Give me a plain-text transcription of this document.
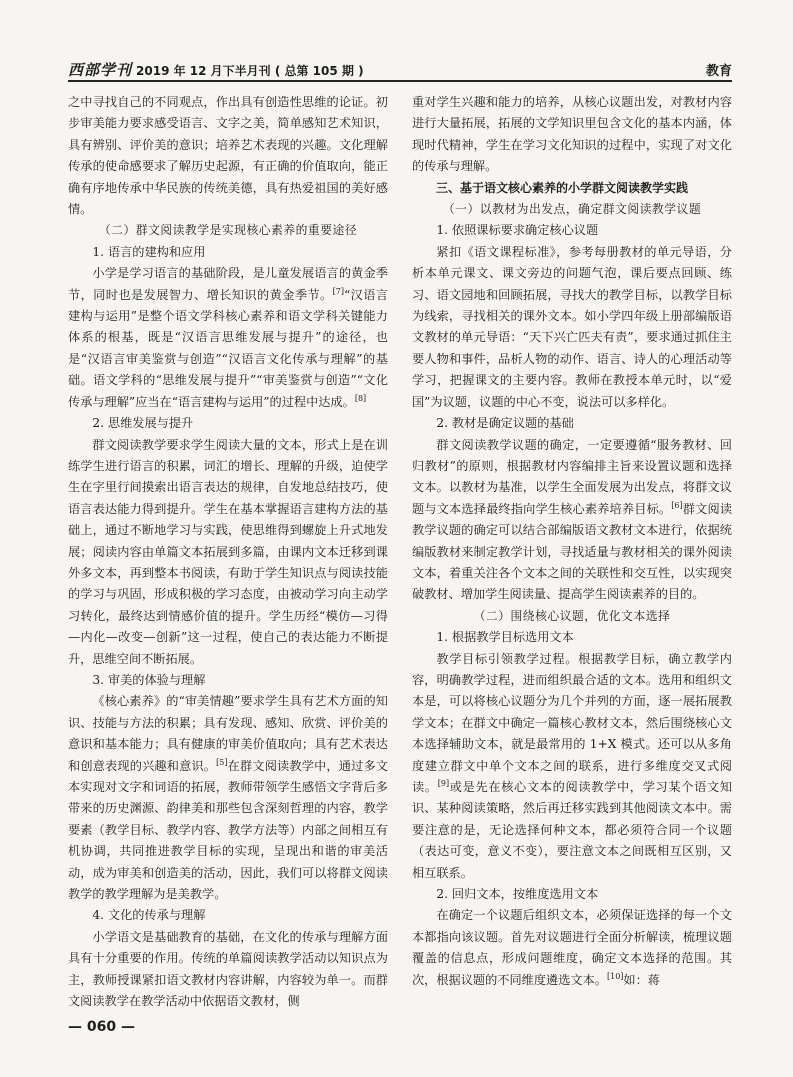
西部学刊 2019 年 12 月下半月刊 ( 总第 105 期 )	教育

之中寻找自己的不同观点，作出具有创造性思维的论证。初步审美能力要求感受语言、文字之美，简单感知艺术知识，具有辨别、评价美的意识；培养艺术表现的兴趣。文化理解传承的使命感要求了解历史起源，有正确的价值取向，能正确有序地传承中华民族的传统美德，具有热爱祖国的美好感情。

（二）群文阅读教学是实现核心素养的重要途径

1. 语言的建构和应用

小学是学习语言的基础阶段，是儿童发展语言的黄金季节，同时也是发展智力、增长知识的黄金季节。[7]“汉语言建构与运用”是整个语文学科核心素养和语文学科关键能力体系的根基，既是“汉语言思维发展与提升”的途径，也是“汉语言审美鉴赏与创造”“汉语言文化传承与理解”的基础。语文学科的“思维发展与提升”“审美鉴赏与创造”“文化传承与理解”应当在“语言建构与运用”的过程中达成。[8]

2. 思维发展与提升

群文阅读教学要求学生阅读大量的文本，形式上是在训练学生进行语言的积累，词汇的增长、理解的升级，迫使学生在字里行间摸索出语言表达的规律，自发地总结技巧，使语言表达能力得到提升。学生在基本掌握语言建构方法的基础上，通过不断地学习与实践，使思维得到螺旋上升式地发展；阅读内容由单篇文本拓展到多篇，由课内文本迁移到课外多文本，再到整本书阅读，有助于学生知识点与阅读技能的学习与巩固，形成积极的学习态度，由被动学习向主动学习转化，最终达到情感价值的提升。学生历经“模仿—习得—内化—改变—创新”这一过程，使自己的表达能力不断提升，思维空间不断拓展。

3. 审美的体验与理解

《核心素养》的“审美情趣”要求学生具有艺术方面的知识、技能与方法的积累；具有发现、感知、欣赏、评价美的意识和基本能力；具有健康的审美价值取向；具有艺术表达和创意表现的兴趣和意识。[5]在群文阅读教学中，通过多文本实现对文字和词语的拓展，教师带领学生感悟文字背后多带来的历史渊源、韵律美和那些包含深刻哲理的内容，教学要素（教学目标、教学内容、教学方法等）内部之间相互有机协调，共同推进教学目标的实现，呈现出和谐的审美活动，成为审美和创造美的活动，因此，我们可以将群文阅读教学的教学理解为是美教学。

4. 文化的传承与理解

小学语文是基础教育的基础，在文化的传承与理解方面具有十分重要的作用。传统的单篇阅读教学活动以知识点为主，教师授课紧扣语文教材内容讲解，内容较为单一。而群文阅读教学在教学活动中依据语文教材，侧

重对学生兴趣和能力的培养，从核心议题出发，对教材内容进行大量拓展，拓展的文学知识里包含文化的基本内涵，体现时代精神，学生在学习文化知识的过程中，实现了对文化的传承与理解。

三、基于语文核心素养的小学群文阅读教学实践

（一）以教材为出发点，确定群文阅读教学议题

1. 依照课标要求确定核心议题

紧扣《语文课程标准》，参考每册教材的单元导语，分析本单元课文、课文旁边的问题气泡，课后要点回顾、练习、语文园地和回顾拓展，寻找大的教学目标，以教学目标为线索，寻找相关的课外文本。如小学四年级上册部编版语文教材的单元导语：“天下兴亡匹夫有责”，要求通过抓住主要人物和事件，品析人物的动作、语言、诗人的心理活动等学习，把握课文的主要内容。教师在教授本单元时，以“爱国”为议题，议题的中心不变，说法可以多样化。

2. 教材是确定议题的基础

群文阅读教学议题的确定，一定要遵循“服务教材、回归教材”的原则，根据教材内容编排主旨来设置议题和选择文本。以教材为基准，以学生全面发展为出发点，将群文议题与文本选择最终指向学生核心素养培养目标。[6]群文阅读教学议题的确定可以结合部编版语文教材文本进行，依据统编版教材来制定教学计划，寻找适量与教材相关的课外阅读文本，着重关注各个文本之间的关联性和交互性，以实现突破教材、增加学生阅读量、提高学生阅读素养的目的。

（二）围绕核心议题，优化文本选择

1. 根据教学目标选用文本

教学目标引领教学过程。根据教学目标，确立教学内容，明确教学过程，进而组织最合适的文本。选用和组织文本是，可以将核心议题分为几个并列的方面，逐一展拓展教学文本；在群文中确定一篇核心教材文本，然后围绕核心文本选择辅助文本，就是最常用的 1+X 模式。还可以从多角度建立群文中单个文本之间的联系，进行多维度交叉式阅读。[9]或是先在核心文本的阅读教学中，学习某个语文知识、某种阅读策略，然后再迁移实践到其他阅读文本中。需要注意的是，无论选择何种文本，都必须符合同一个议题（表达可变，意义不变），要注意文本之间既相互区别，又相互联系。

2. 回归文本，按维度选用文本

在确定一个议题后组织文本，必须保证选择的每一个文本都指向该议题。首先对议题进行全面分析解读，梳理议题覆盖的信息点，形成问题维度，确定文本选择的范围。其次，根据议题的不同维度遴选文本。[10]如：蒋

— 060 —
